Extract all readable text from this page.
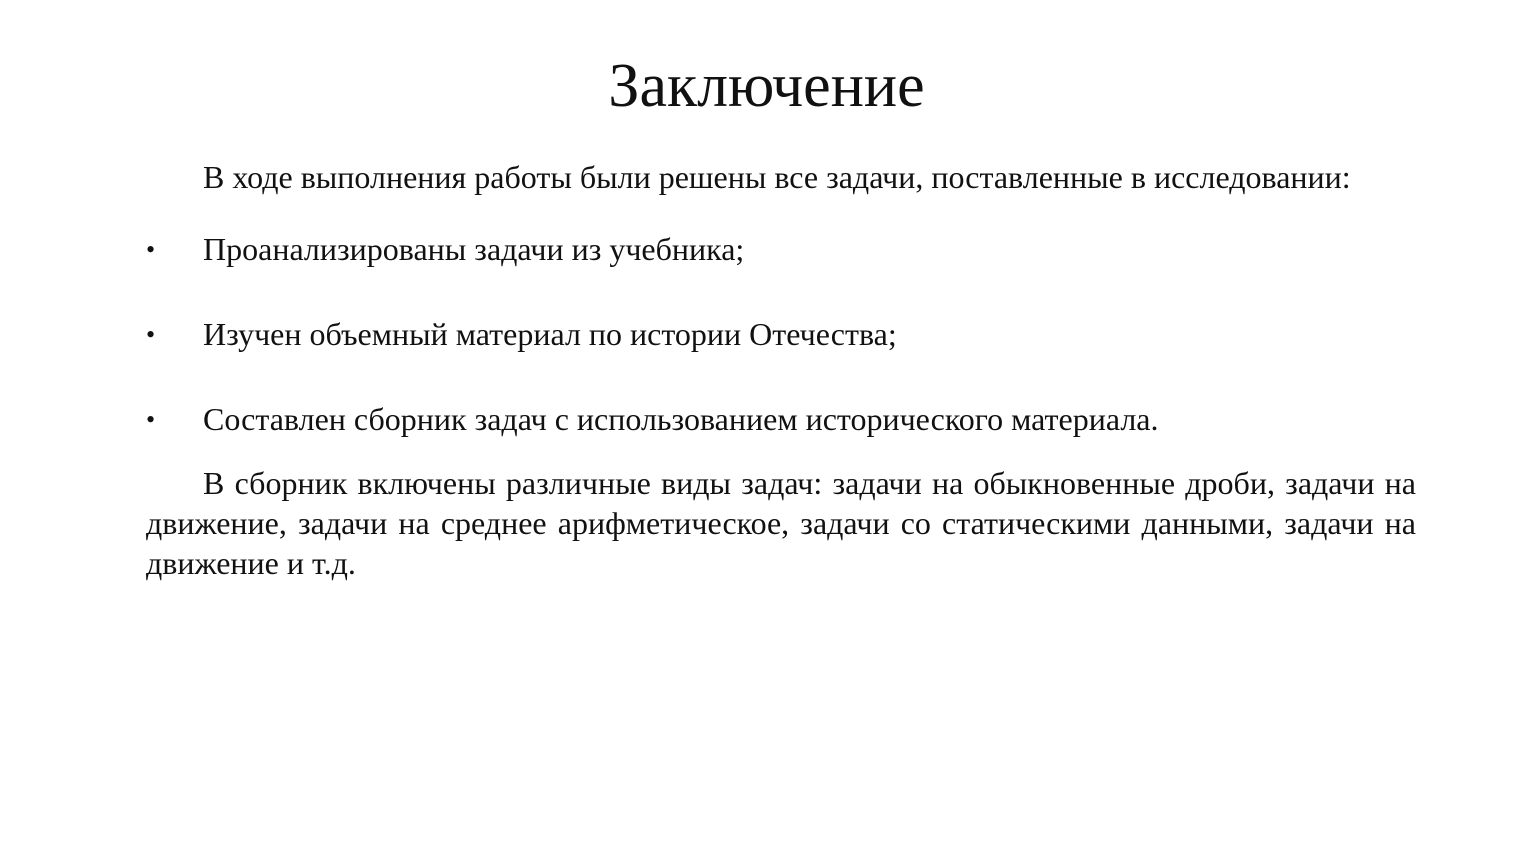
Заключение

В ходе выполнения работы были решены все задачи, поставленные в исследовании:

•	Проанализированы задачи из учебника;
•	Изучен объемный материал по истории Отечества;
•	Составлен сборник задач с использованием исторического материала.

В сборник включены различные виды задач: задачи на обыкновенные дроби, задачи на движение, задачи на среднее арифметическое, задачи со статическими данными, задачи на движение и т.д.
